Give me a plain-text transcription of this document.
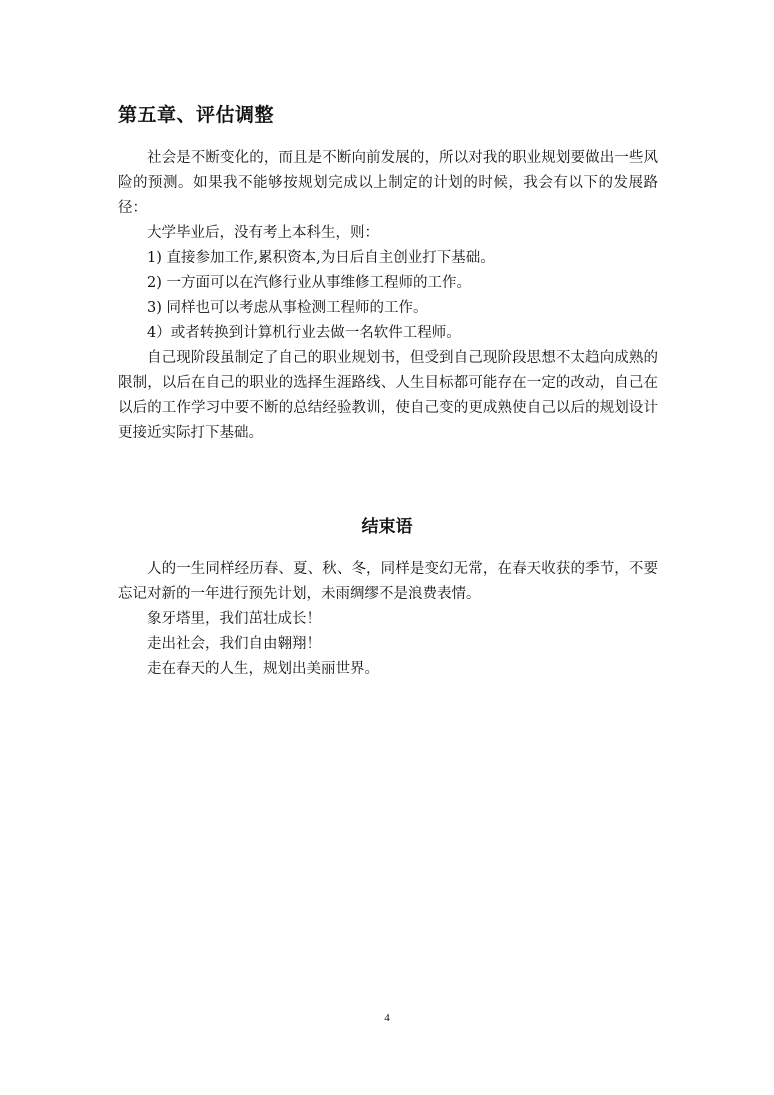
第五章、评估调整

社会是不断变化的，而且是不断向前发展的，所以对我的职业规划要做出一些风险的预测。如果我不能够按规划完成以上制定的计划的时候，我会有以下的发展路径：

大学毕业后，没有考上本科生，则：

1) 直接参加工作,累积资本,为日后自主创业打下基础。

2) 一方面可以在汽修行业从事维修工程师的工作。

3) 同样也可以考虑从事检测工程师的工作。

4）或者转换到计算机行业去做一名软件工程师。

自己现阶段虽制定了自己的职业规划书，但受到自己现阶段思想不太趋向成熟的限制，以后在自己的职业的选择生涯路线、人生目标都可能存在一定的改动，自己在以后的工作学习中要不断的总结经验教训，使自己变的更成熟使自己以后的规划设计更接近实际打下基础。

结束语

人的一生同样经历春、夏、秋、冬，同样是变幻无常，在春天收获的季节，不要忘记对新的一年进行预先计划，未雨绸缪不是浪费表情。

象牙塔里，我们茁壮成长！

走出社会，我们自由翱翔！

走在春天的人生，规划出美丽世界。

4
